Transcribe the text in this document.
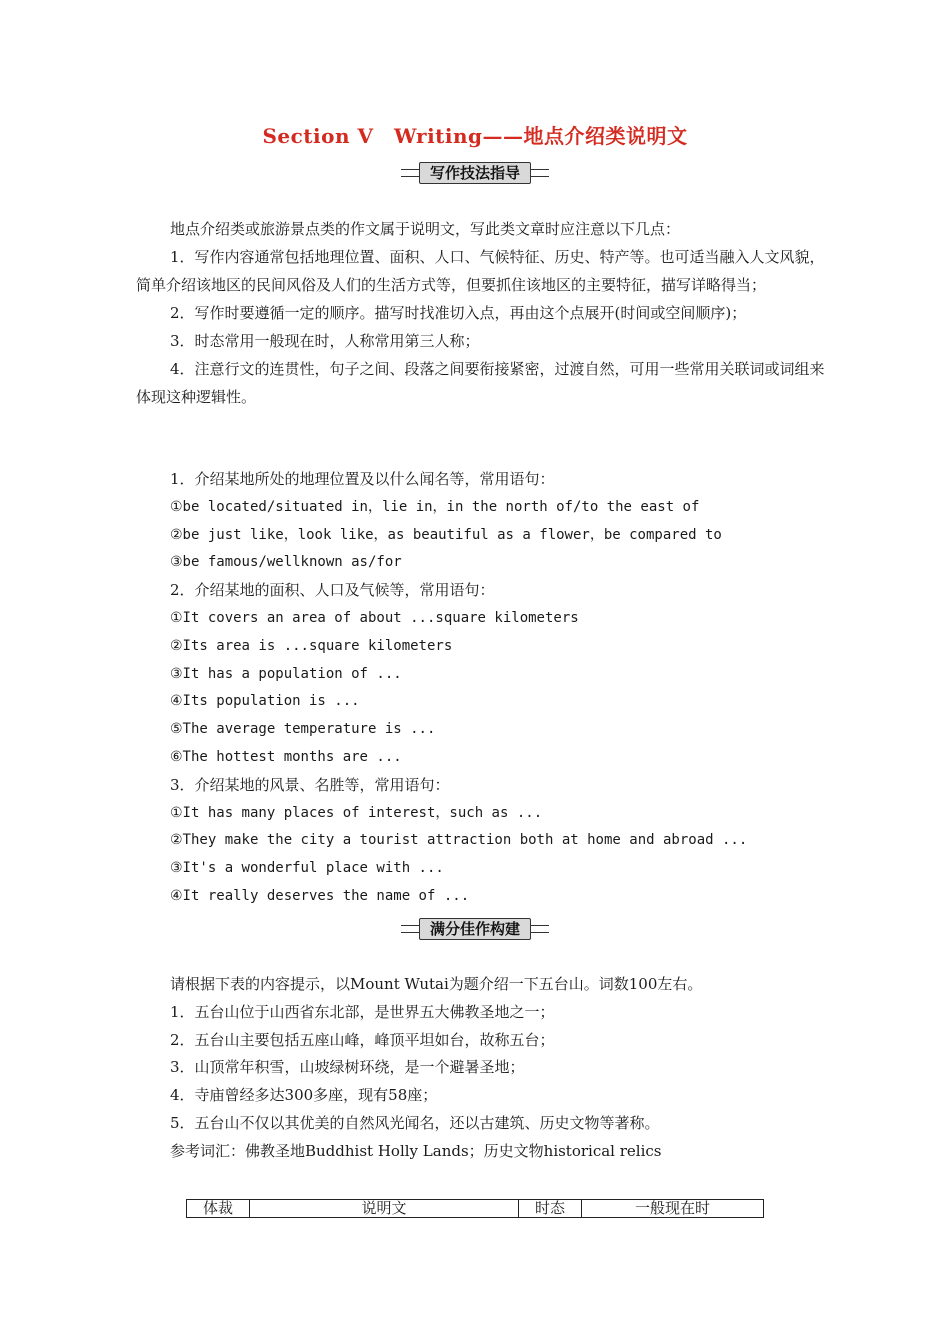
Section Ⅴ　Writing——地点介绍类说明文
写作技法指导

地点介绍类或旅游景点类的作文属于说明文，写此类文章时应注意以下几点：

1．写作内容通常包括地理位置、面积、人口、气候特征、历史、特产等。也可适当融入人文风貌，简单介绍该地区的民间风俗及人们的生活方式等，但要抓住该地区的主要特征，描写详略得当；

2．写作时要遵循一定的顺序。描写时找准切入点，再由这个点展开(时间或空间顺序)；

3．时态常用一般现在时，人称常用第三人称；

4．注意行文的连贯性，句子之间、段落之间要衔接紧密，过渡自然，可用一些常用关联词或词组来体现这种逻辑性。

1．介绍某地所处的地理位置及以什么闻名等，常用语句：

①be located/situated in，lie in，in the north of/to the east of

②be just like，look like，as beautiful as a flower，be compared to

③be famous/wellknown as/for

2．介绍某地的面积、人口及气候等，常用语句：

①It covers an area of about ...square kilometers

②Its area is ...square kilometers

③It has a population of ...

④Its population is ...

⑤The average temperature is ...

⑥The hottest months are ...

3．介绍某地的风景、名胜等，常用语句：

①It has many places of interest，such as ...

②They make the city a tourist attraction both at home and abroad ...

③It's a wonderful place with ...

④It really deserves the name of ...

满分佳作构建

请根据下表的内容提示，以Mount Wutai为题介绍一下五台山。词数100左右。

1．五台山位于山西省东北部，是世界五大佛教圣地之一；

2．五台山主要包括五座山峰，峰顶平坦如台，故称五台；

3．山顶常年积雪，山坡绿树环绕，是一个避暑圣地；

4．寺庙曾经多达300多座，现有58座；

5．五台山不仅以其优美的自然风光闻名，还以古建筑、历史文物等著称。

参考词汇：佛教圣地Buddhist Holly Lands；历史文物historical relics

体裁	说明文	时态	一般现在时
